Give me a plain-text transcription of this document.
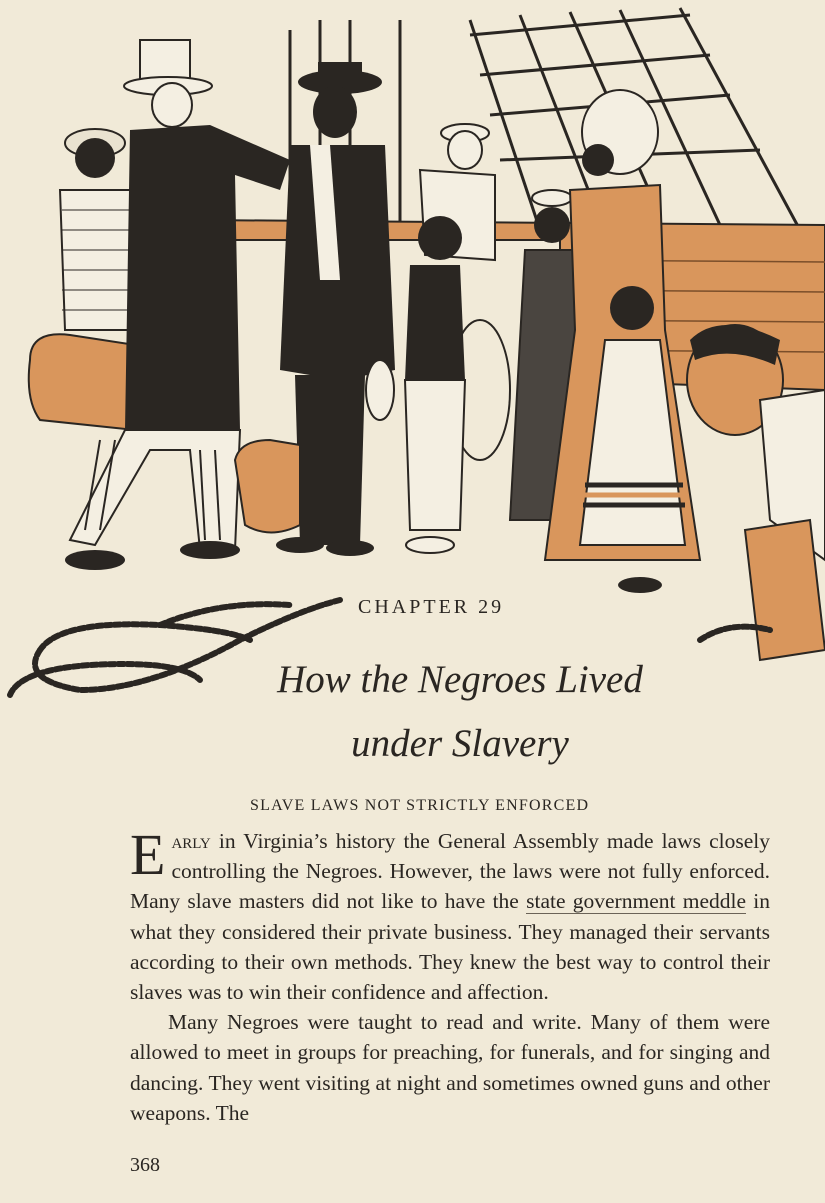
CHAPTER 29
How the Negroes Lived
under Slavery
SLAVE LAWS NOT STRICTLY ENFORCED

Early in Virginia’s history the General Assembly made laws closely controlling the Negroes. However, the laws were not fully enforced. Many slave masters did not like to have the state government meddle in what they considered their private business. They managed their servants according to their own methods. They knew the best way to control their slaves was to win their confidence and affection.

Many Negroes were taught to read and write. Many of them were allowed to meet in groups for preaching, for funerals, and for singing and dancing. They went visiting at night and sometimes owned guns and other weapons. The

368
